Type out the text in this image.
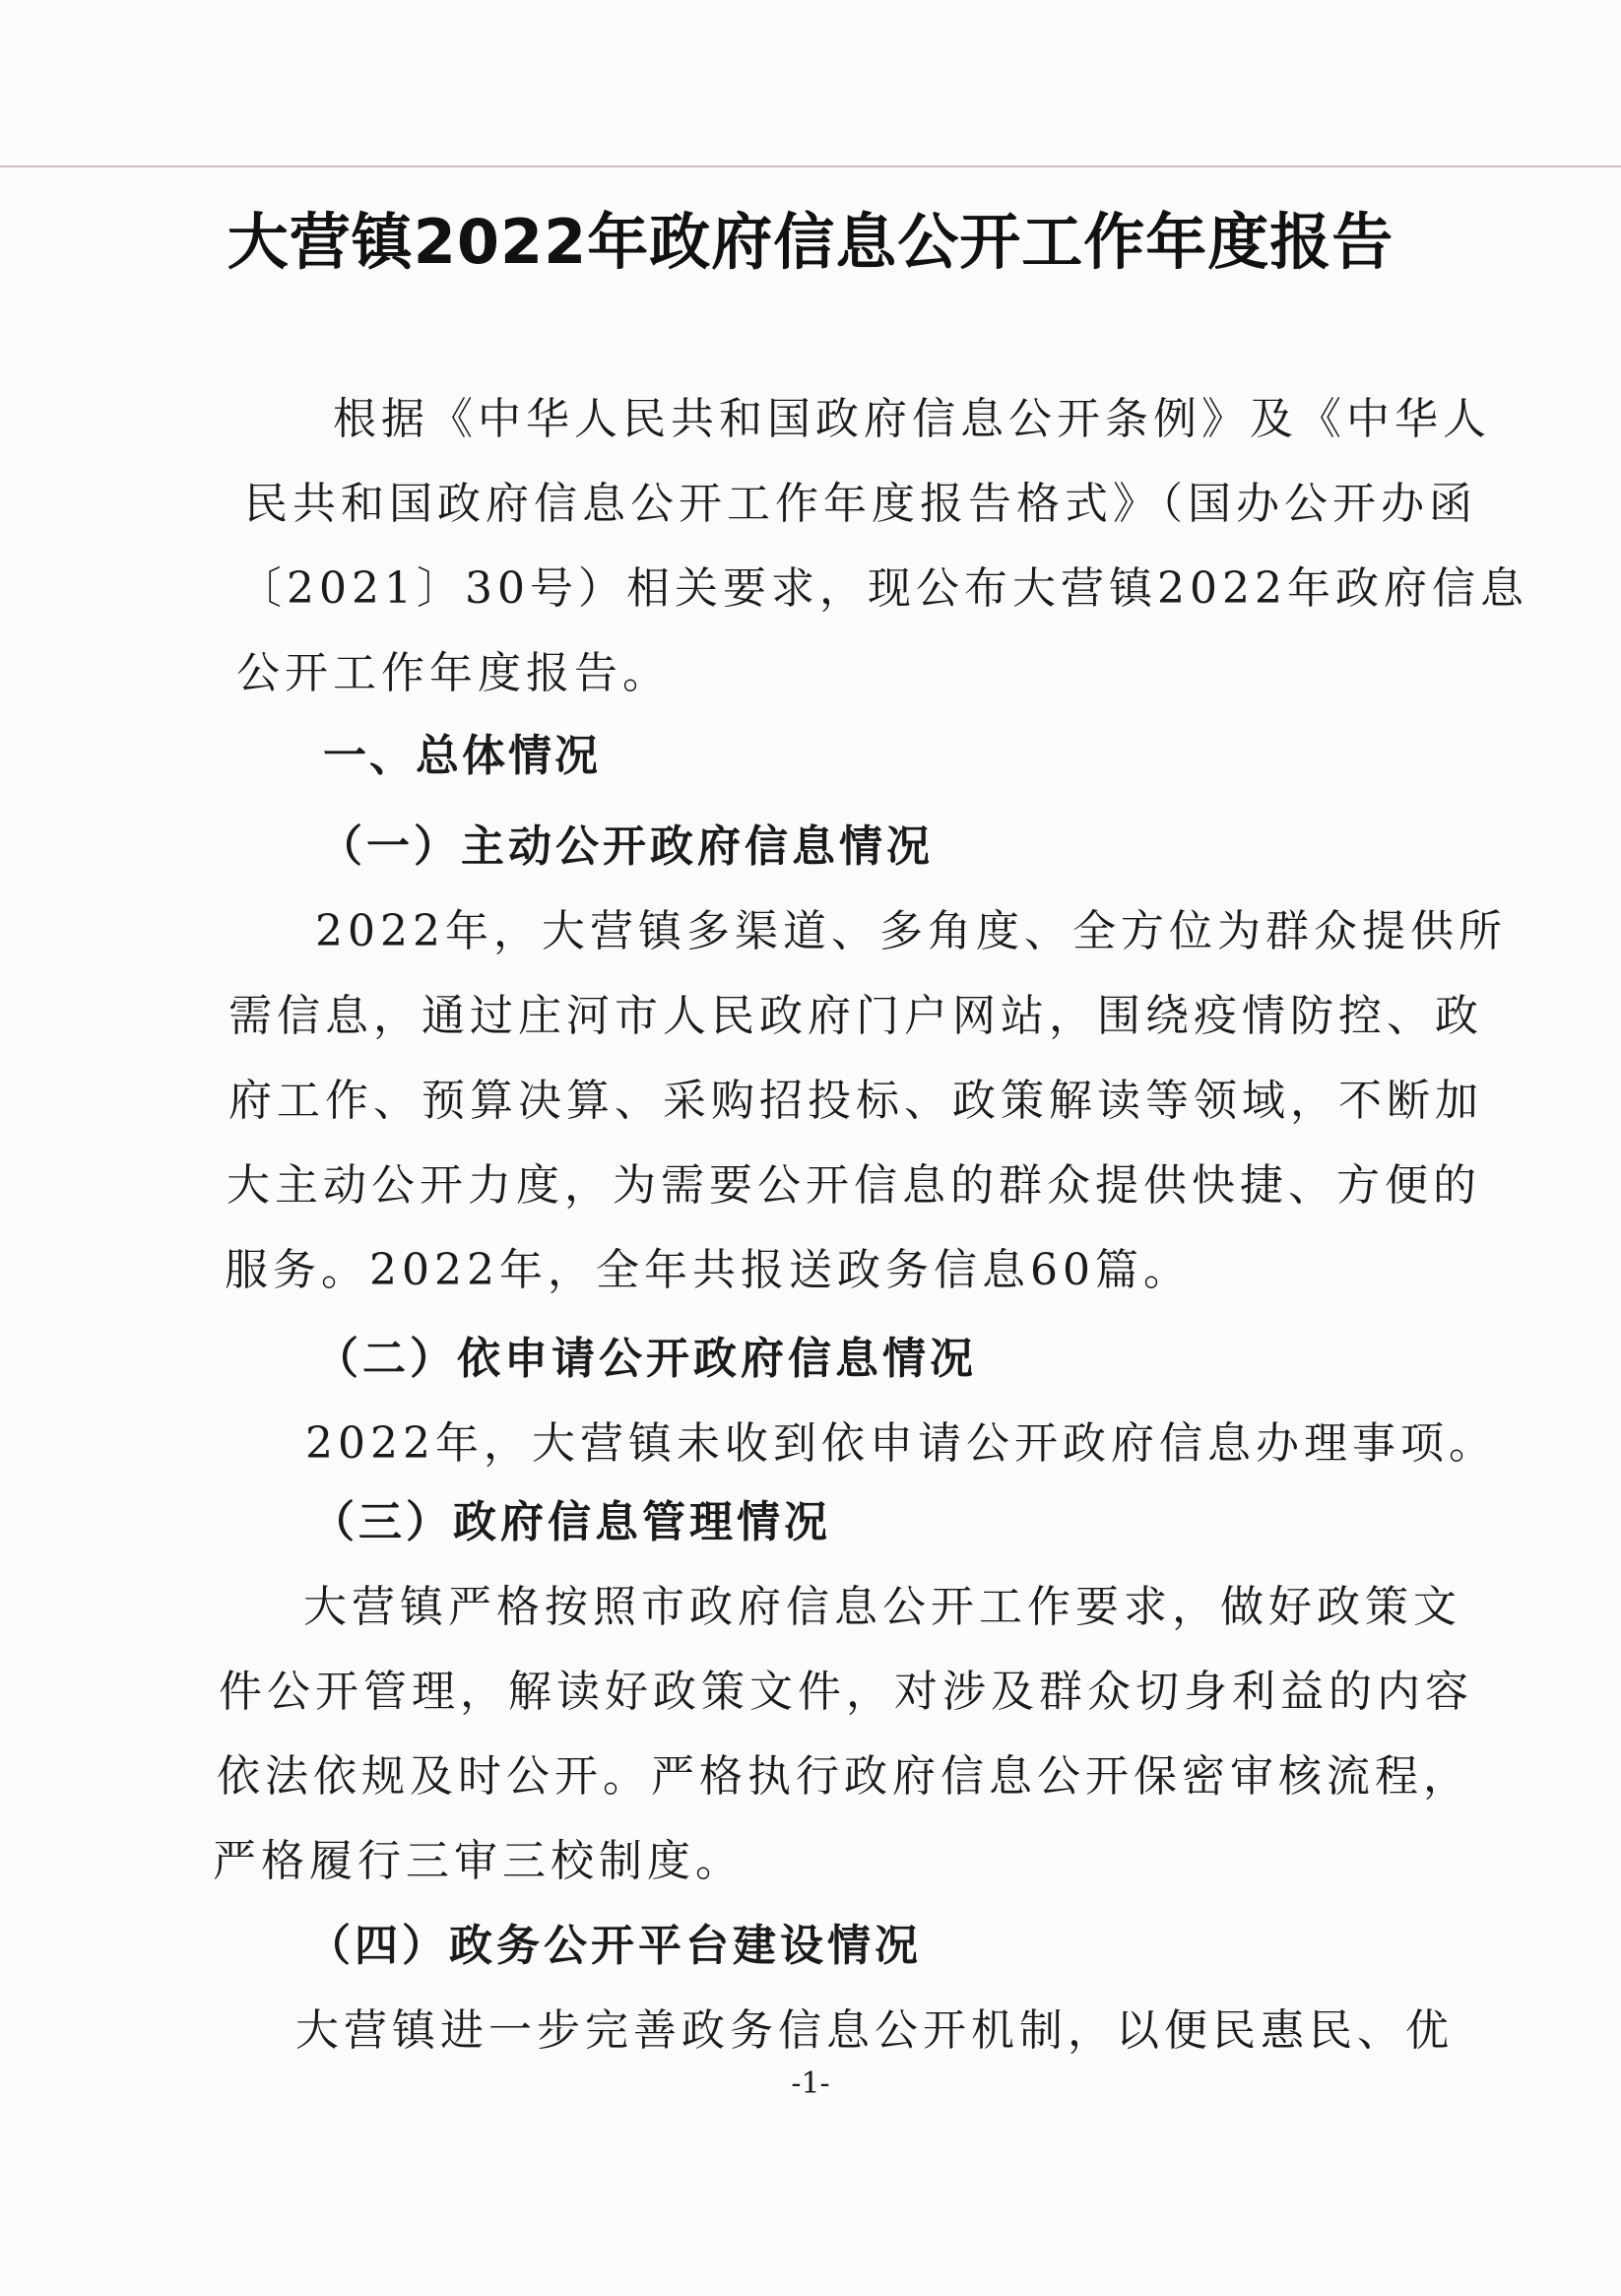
大营镇2022年政府信息公开工作年度报告
根据《中华人民共和国政府信息公开条例》及《中华人
民共和国政府信息公开工作年度报告格式》（国办公开办函
〔2021〕30号）相关要求，现公布大营镇2022年政府信息
公开工作年度报告。
一、总体情况
（一）主动公开政府信息情况
2022年，大营镇多渠道、多角度、全方位为群众提供所
需信息，通过庄河市人民政府门户网站，围绕疫情防控、政
府工作、预算决算、采购招投标、政策解读等领域，不断加
大主动公开力度，为需要公开信息的群众提供快捷、方便的
服务。2022年，全年共报送政务信息60篇。
（二）依申请公开政府信息情况
2022年，大营镇未收到依申请公开政府信息办理事项。
（三）政府信息管理情况
大营镇严格按照市政府信息公开工作要求，做好政策文
件公开管理，解读好政策文件，对涉及群众切身利益的内容
依法依规及时公开。严格执行政府信息公开保密审核流程，
严格履行三审三校制度。
（四）政务公开平台建设情况
大营镇进一步完善政务信息公开机制，以便民惠民、优
-1-
